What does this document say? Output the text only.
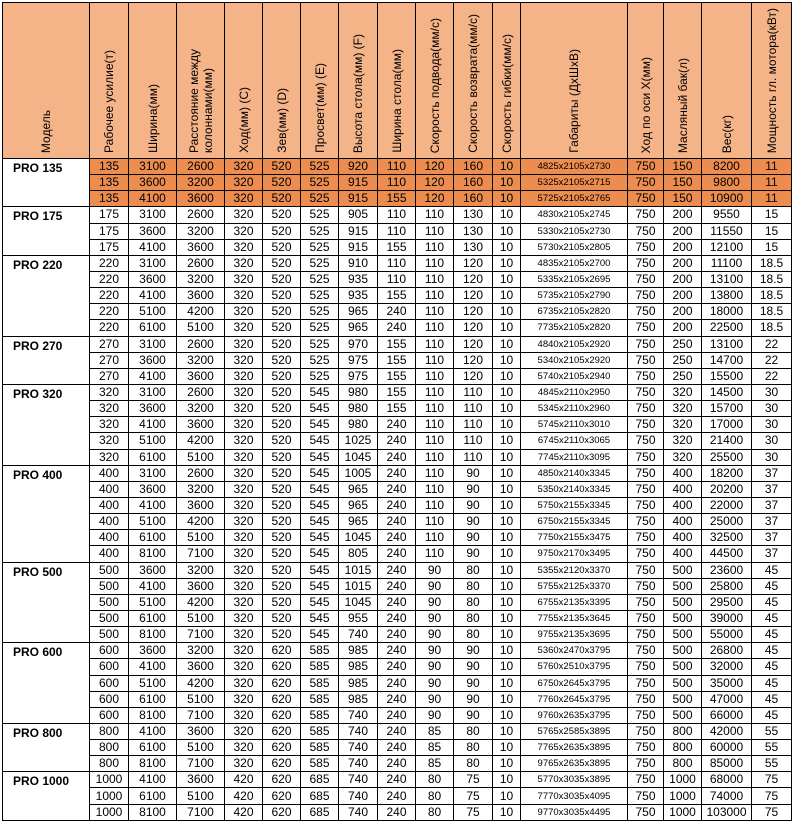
Модель	Рабочее усилие(т)	Ширина(мм)	Расстояние между колоннами(мм)	Ход(мм) (C)	Зев(мм) (D)	Просвет(мм) (E)	Высота стола(мм) (F)	Ширина стола(мм)	Скорость подвода(мм/с)	Скорость возврата(мм/с)	Скорость гибки(мм/с)	Габариты (ДхШхВ)	Ход по оси X(мм)	Масляный бак(л)	Вес(кг)	Мощность гл. мотора(кВт)
PRO 135	135	3100	2600	320	520	525	920	110	120	160	10	4825x2105x2730	750	150	8200	11
	135	3600	3200	320	520	525	915	110	120	160	10	5325x2105x2715	750	150	9800	11
	135	4100	3600	320	520	525	915	155	120	160	10	5725x2105x2765	750	150	10900	11
PRO 175	175	3100	2600	320	520	525	905	110	110	130	10	4830x2105x2745	750	200	9550	15
	175	3600	3200	320	520	525	915	110	110	130	10	5330x2105x2730	750	200	11550	15
	175	4100	3600	320	520	525	915	155	110	130	10	5730x2105x2805	750	200	12100	15
PRO 220	220	3100	2600	320	520	525	910	110	110	120	10	4835x2105x2700	750	200	11100	18.5
	220	3600	3200	320	520	525	935	110	110	120	10	5335x2105x2695	750	200	13100	18.5
	220	4100	3600	320	520	525	935	155	110	120	10	5735x2105x2790	750	200	13800	18.5
	220	5100	4200	320	520	525	965	240	110	120	10	6735x2105x2820	750	200	18000	18.5
	220	6100	5100	320	520	525	965	240	110	120	10	7735x2105x2820	750	200	22500	18.5
PRO 270	270	3100	2600	320	520	525	970	155	110	120	10	4840x2105x2920	750	250	13100	22
	270	3600	3200	320	520	525	975	155	110	120	10	5340x2105x2920	750	250	14700	22
	270	4100	3600	320	520	525	975	155	110	120	10	5740x2105x2940	750	250	15500	22
PRO 320	320	3100	2600	320	520	545	980	155	110	110	10	4845x2110x2950	750	320	14500	30
	320	3600	3200	320	520	545	980	155	110	110	10	5345x2110x2960	750	320	15700	30
	320	4100	3600	320	520	545	980	240	110	110	10	5745x2110x3010	750	320	17000	30
	320	5100	4200	320	520	545	1025	240	110	110	10	6745x2110x3065	750	320	21400	30
	320	6100	5100	320	520	545	1045	240	110	110	10	7745x2110x3095	750	320	25500	30
PRO 400	400	3100	2600	320	520	545	1005	240	110	90	10	4850x2140x3345	750	400	18200	37
	400	3600	3200	320	520	545	965	240	110	90	10	5350x2140x3345	750	400	20200	37
	400	4100	3600	320	520	545	965	240	110	90	10	5750x2155x3345	750	400	22000	37
	400	5100	4200	320	520	545	965	240	110	90	10	6750x2155x3345	750	400	25000	37
	400	6100	5100	320	520	545	1045	240	110	90	10	7750x2155x3475	750	400	32500	37
	400	8100	7100	320	520	545	805	240	110	90	10	9750x2170x3495	750	400	44500	37
PRO 500	500	3600	3200	320	520	545	1015	240	90	80	10	5355x2120x3370	750	500	23600	45
	500	4100	3600	320	520	545	1015	240	90	80	10	5755x2125x3370	750	500	25800	45
	500	5100	4200	320	520	545	1045	240	90	80	10	6755x2135x3395	750	500	29500	45
	500	6100	5100	320	520	545	955	240	90	80	10	7755x2135x3645	750	500	39000	45
	500	8100	7100	320	520	545	740	240	90	80	10	9755x2135x3695	750	500	55000	45
PRO 600	600	3600	3200	320	620	585	985	240	90	90	10	5360x2470x3795	750	500	26800	45
	600	4100	3600	320	620	585	985	240	90	90	10	5760x2510x3795	750	500	32000	45
	600	5100	4200	320	620	585	985	240	90	90	10	6750x2645x3795	750	500	35000	45
	600	6100	5100	320	620	585	985	240	90	90	10	7760x2645x3795	750	500	47000	45
	600	8100	7100	320	620	585	740	240	90	90	10	9760x2635x3795	750	500	66000	45
PRO 800	800	4100	3600	320	620	585	740	240	85	80	10	5765x2585x3895	750	800	42000	55
	800	6100	5100	320	620	585	740	240	85	80	10	7765x2635x3895	750	800	60000	55
	800	8100	7100	320	620	585	740	240	85	80	10	9765x2635x3895	750	800	85000	55
PRO 1000	1000	4100	3600	420	620	685	740	240	80	75	10	5770x3035x3895	750	1000	68000	75
	1000	6100	5100	420	620	685	740	240	80	75	10	7770x3035x4095	750	1000	74000	75
	1000	8100	7100	420	620	685	740	240	80	75	10	9770x3035x4495	750	1000	103000	75
